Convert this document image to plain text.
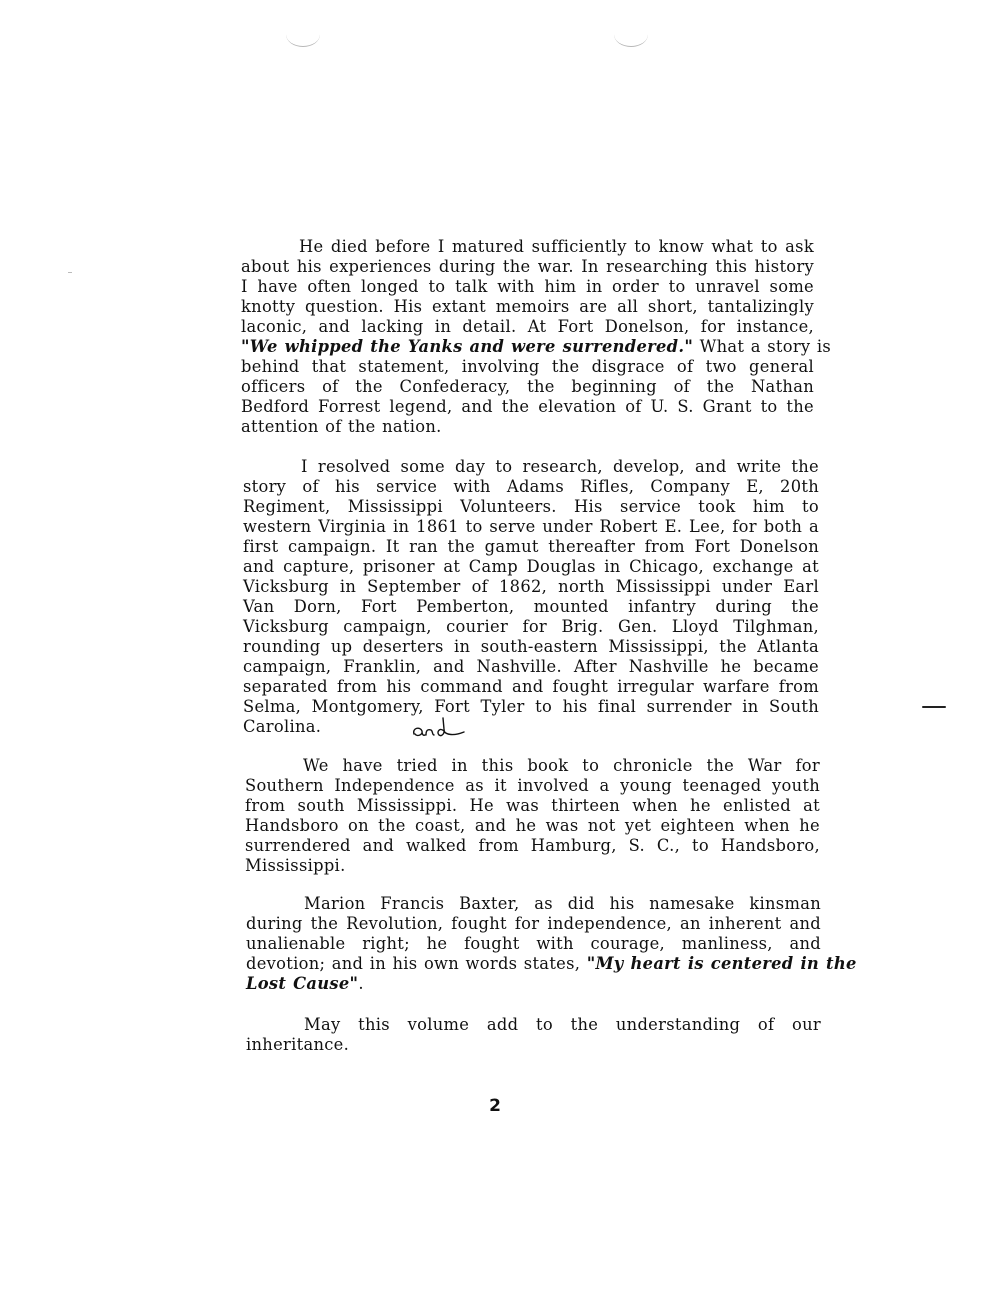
He died before I matured sufficiently to know what to ask
about his experiences during the war. In researching this history
I have often longed to talk with him in order to unravel some
knotty question. His extant memoirs are all short, tantalizingly
laconic, and lacking in detail. At Fort Donelson, for instance,
"We whipped the Yanks and were surrendered." What a story is
behind that statement, involving the disgrace of two general
officers of the Confederacy, the beginning of the Nathan
Bedford Forrest legend, and the elevation of U. S. Grant to the
attention of the nation.
I resolved some day to research, develop, and write the
story of his service with Adams Rifles, Company E, 20th
Regiment, Mississippi Volunteers. His service took him to
western Virginia in 1861 to serve under Robert E. Lee, for both a
first campaign. It ran the gamut thereafter from Fort Donelson
and capture, prisoner at Camp Douglas in Chicago, exchange at
Vicksburg in September of 1862, north Mississippi under Earl
Van Dorn, Fort Pemberton, mounted infantry during the
Vicksburg campaign, courier for Brig. Gen. Lloyd Tilghman,
rounding up deserters in south-eastern Mississippi, the Atlanta
campaign, Franklin, and Nashville. After Nashville he became
separated from his command and fought irregular warfare from
Selma, Montgomery, Fort Tyler to his final surrender in South
Carolina.
We have tried in this book to chronicle the War for
Southern Independence as it involved a young teenaged youth
from south Mississippi. He was thirteen when he enlisted at
Handsboro on the coast, and he was not yet eighteen when he
surrendered and walked from Hamburg, S. C., to Handsboro,
Mississippi.
Marion Francis Baxter, as did his namesake kinsman
during the Revolution, fought for independence, an inherent and
unalienable right; he fought with courage, manliness, and
devotion; and in his own words states, "My heart is centered in the
Lost Cause".
May this volume add to the understanding of our
inheritance.
2
